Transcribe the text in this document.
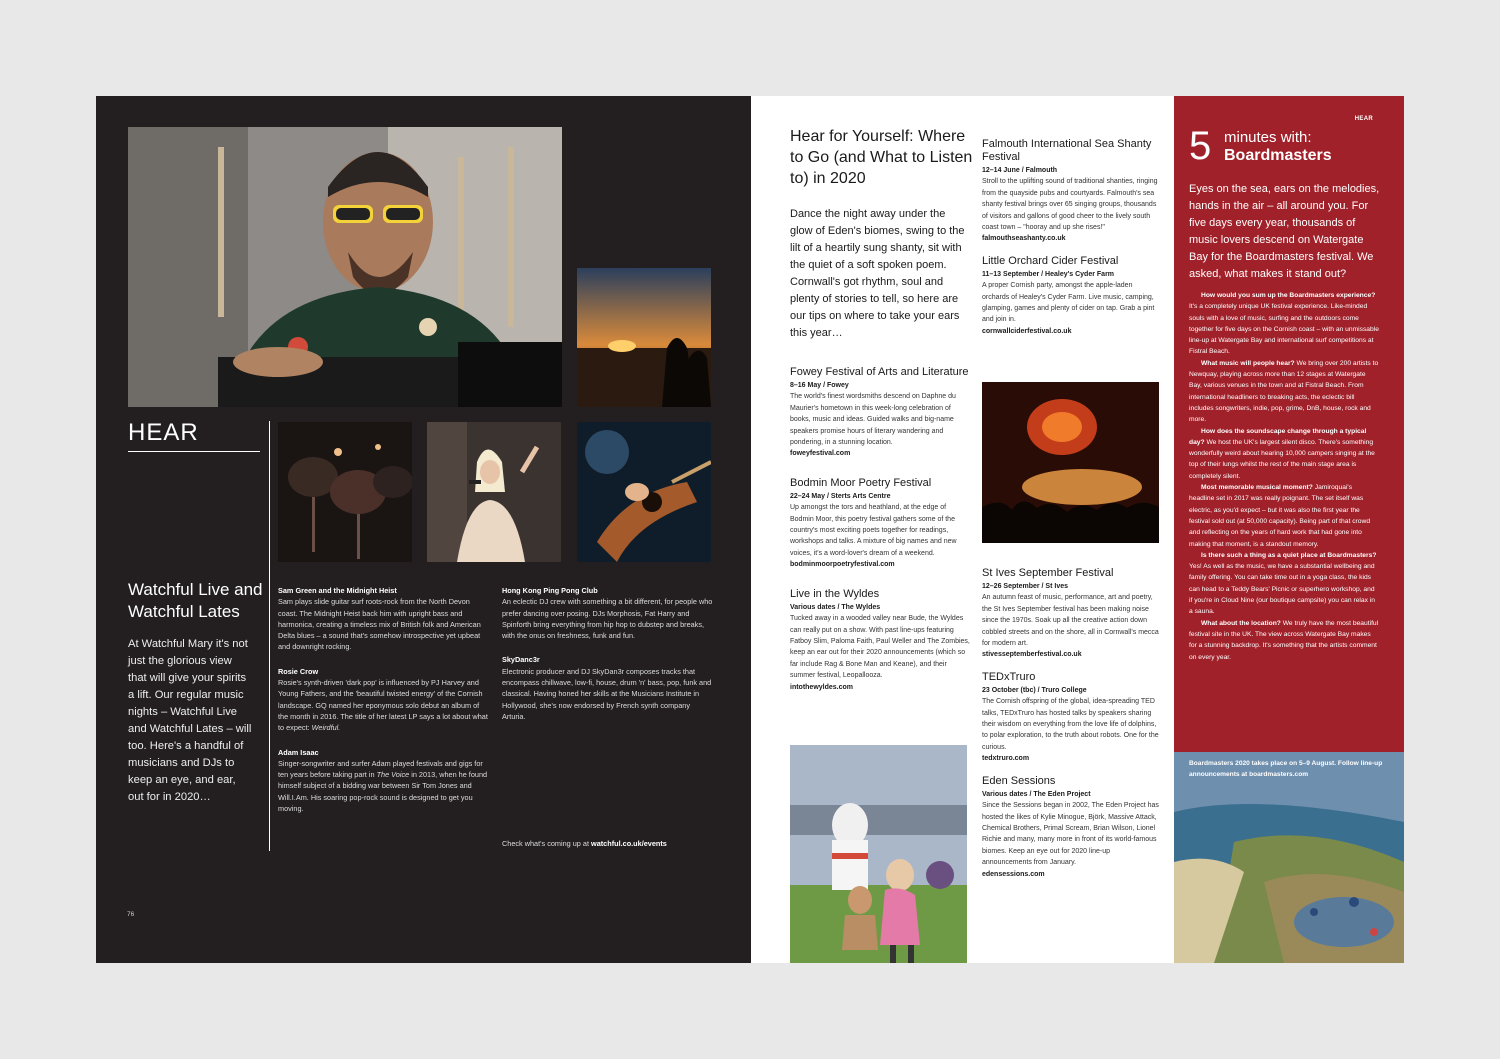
HEAR
Watchful Live and Watchful Lates
At Watchful Mary it's not just the glorious view that will give your spirits a lift. Our regular music nights – Watchful Live and Watchful Lates – will too. Here's a handful of musicians and DJs to keep an eye, and ear, out for in 2020…
Sam Green and the Midnight Heist
Sam plays slide guitar surf roots-rock from the North Devon coast. The Midnight Heist back him with upright bass and harmonica, creating a timeless mix of British folk and American Delta blues – a sound that's somehow introspective yet upbeat and downright rocking.
Rosie Crow
Rosie's synth-driven 'dark pop' is influenced by PJ Harvey and Young Fathers, and the 'beautiful twisted energy' of the Cornish landscape. GQ named her eponymous solo debut an album of the month in 2016. The title of her latest LP says a lot about what to expect: Weirdful.
Adam Isaac
Singer-songwriter and surfer Adam played festivals and gigs for ten years before taking part in The Voice in 2013, when he found himself subject of a bidding war between Sir Tom Jones and Will.I.Am. His soaring pop-rock sound is designed to get you moving.
Hong Kong Ping Pong Club
An eclectic DJ crew with something a bit different, for people who prefer dancing over posing. DJs Morphosis, Fat Harry and Spinforth bring everything from hip hop to dubstep and breaks, with the onus on freshness, funk and fun.
SkyDanc3r
Electronic producer and DJ SkyDan3r composes tracks that encompass chillwave, low-fi, house, drum 'n' bass, pop, funk and classical. Having honed her skills at the Musicians Institute in Hollywood, she's now endorsed by French synth company Arturia.
Check what's coming up at watchful.co.uk/events
76
Hear for Yourself: Where to Go (and What to Listen to) in 2020
Dance the night away under the glow of Eden's biomes, swing to the lilt of a heartily sung shanty, sit with the quiet of a soft spoken poem. Cornwall's got rhythm, soul and plenty of stories to tell, so here are our tips on where to take your ears this year…
Fowey Festival of Arts and Literature
8–16 May / Fowey
The world's finest wordsmiths descend on Daphne du Maurier's hometown in this week-long celebration of books, music and ideas. Guided walks and big-name speakers promise hours of literary wandering and pondering, in a stunning location.
foweyfestival.com
Bodmin Moor Poetry Festival
22–24 May / Sterts Arts Centre
Up amongst the tors and heathland, at the edge of Bodmin Moor, this poetry festival gathers some of the country's most exciting poets together for readings, workshops and talks. A mixture of big names and new voices, it's a word-lover's dream of a weekend.
bodminmoorpoetryfestival.com
Live in the Wyldes
Various dates / The Wyldes
Tucked away in a wooded valley near Bude, the Wyldes can really put on a show. With past line-ups featuring Fatboy Slim, Paloma Faith, Paul Weller and The Zombies, keep an ear out for their 2020 announcements (which so far include Rag & Bone Man and Keane), and their summer festival, Leopallooza.
intothewyldes.com
Falmouth International Sea Shanty Festival
12–14 June / Falmouth
Stroll to the uplifting sound of traditional shanties, ringing from the quayside pubs and courtyards. Falmouth's sea shanty festival brings over 65 singing groups, thousands of visitors and gallons of good cheer to the lively south coast town – "hooray and up she rises!"
falmouthseashanty.co.uk
Little Orchard Cider Festival
11–13 September / Healey's Cyder Farm
A proper Cornish party, amongst the apple-laden orchards of Healey's Cyder Farm. Live music, camping, glamping, games and plenty of cider on tap. Grab a pint and join in.
cornwallciderfestival.co.uk
St Ives September Festival
12–26 September / St Ives
An autumn feast of music, performance, art and poetry, the St Ives September festival has been making noise since the 1970s. Soak up all the creative action down cobbled streets and on the shore, all in Cornwall's mecca for modern art.
stivesseptemberfestival.co.uk
TEDxTruro
23 October (tbc) / Truro College
The Cornish offspring of the global, idea-spreading TED talks, TEDxTruro has hosted talks by speakers sharing their wisdom on everything from the love life of dolphins, to polar exploration, to the truth about robots. One for the curious.
tedxtruro.com
Eden Sessions
Various dates / The Eden Project
Since the Sessions began in 2002, The Eden Project has hosted the likes of Kylie Minogue, Björk, Massive Attack, Chemical Brothers, Primal Scream, Brian Wilson, Lionel Richie and many, many more in front of its world-famous biomes. Keep an eye out for 2020 line-up announcements from January.
edensessions.com
HEAR
5 minutes with:
Boardmasters
Eyes on the sea, ears on the melodies, hands in the air – all around you. For five days every year, thousands of music lovers descend on Watergate Bay for the Boardmasters festival. We asked, what makes it stand out?

How would you sum up the Boardmasters experience? It's a completely unique UK festival experience. Like-minded souls with a love of music, surfing and the outdoors come together for five days on the Cornish coast – with an unmissable line-up at Watergate Bay and international surf competitions at Fistral Beach.

What music will people hear? We bring over 200 artists to Newquay, playing across more than 12 stages at Watergate Bay, various venues in the town and at Fistral Beach. From international headliners to breaking acts, the eclectic bill includes songwriters, indie, pop, grime, DnB, house, rock and more.

How does the soundscape change through a typical day? We host the UK's largest silent disco. There's something wonderfully weird about hearing 10,000 campers singing at the top of their lungs whilst the rest of the main stage area is completely silent.

Most memorable musical moment? Jamiroquai's headline set in 2017 was really poignant. The set itself was electric, as you'd expect – but it was also the first year the festival sold out (at 50,000 capacity). Being part of that crowd and reflecting on the years of hard work that had gone into making that moment, is a standout memory.

Is there such a thing as a quiet place at Boardmasters? Yes! As well as the music, we have a substantial wellbeing and family offering. You can take time out in a yoga class, the kids can head to a Teddy Bears' Picnic or superhero workshop, and if you're in Cloud Nine (our boutique campsite) you can relax in a sauna.

What about the location? We truly have the most beautiful festival site in the UK. The view across Watergate Bay makes for a stunning backdrop. It's something that the artists comment on every year.

Boardmasters 2020 takes place on 5–9 August. Follow line-up announcements at boardmasters.com
